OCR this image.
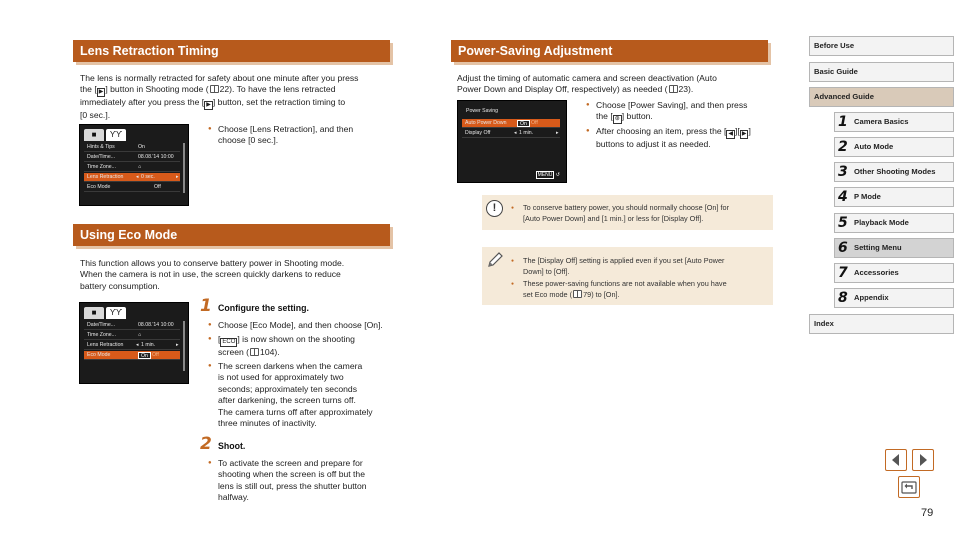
Lens Retraction Timing
The lens is normally retracted for safety about one minute after you press
the [ ▶ ] button in Shooting mode ( 22). To have the lens retracted
immediately after you press the [ ▶ ] button, set the retraction timing to
[0 sec.].
■	ϒϒ
Hints & Tips	On
Date/Time...	08.08.'14 10:00
Time Zone...	⌂
Lens Retraction ◂ 0 sec.	▸
Eco Mode	Off
● Choose [Lens Retraction], and then
choose [0 sec.].
Using Eco Mode
This function allows you to conserve battery power in Shooting mode.
When the camera is not in use, the screen quickly darkens to reduce
battery consumption.
■	ϒϒ
Date/Time...	08.08.'14 10:00
Time Zone...	⌂
Lens Retraction ◂ 1 min.	▸
Eco Mode	On Off
1 Configure the setting.
● Choose [Eco Mode], and then choose [On].
● [ ECO ] is now shown on the shooting
screen ( 104).
● The screen darkens when the camera
is not used for approximately two
seconds; approximately ten seconds
after darkening, the screen turns off.
The camera turns off after approximately
three minutes of inactivity.
2 Shoot.
● To activate the screen and prepare for
shooting when the screen is off but the
lens is still out, press the shutter button
halfway.
Power-Saving Adjustment
Adjust the timing of automatic camera and screen deactivation (Auto
Power Down and Display Off, respectively) as needed ( 23).
Power Saving
Auto Power Down	On Off
Display Off	◂ 1 min.	▸
MENU ↺
● Choose [Power Saving], and then press
the [ ⊛ ] button.
● After choosing an item, press the [ ◀ ][ ▶ ]
buttons to adjust it as needed.
!
●	To conserve battery power, you should normally choose [On] for
[Auto Power Down] and [1 min.] or less for [Display Off].
● The [Display Off] setting is applied even if you set [Auto Power
Down] to [Off].
● These power-saving functions are not available when you have
set Eco mode ( 79) to [On].
Before Use
Basic Guide
Advanced Guide
1 Camera Basics
2 Auto Mode
3 Other Shooting Modes
4 P Mode
5 Playback Mode
6 Setting Menu
7 Accessories
8 Appendix
Index
79
